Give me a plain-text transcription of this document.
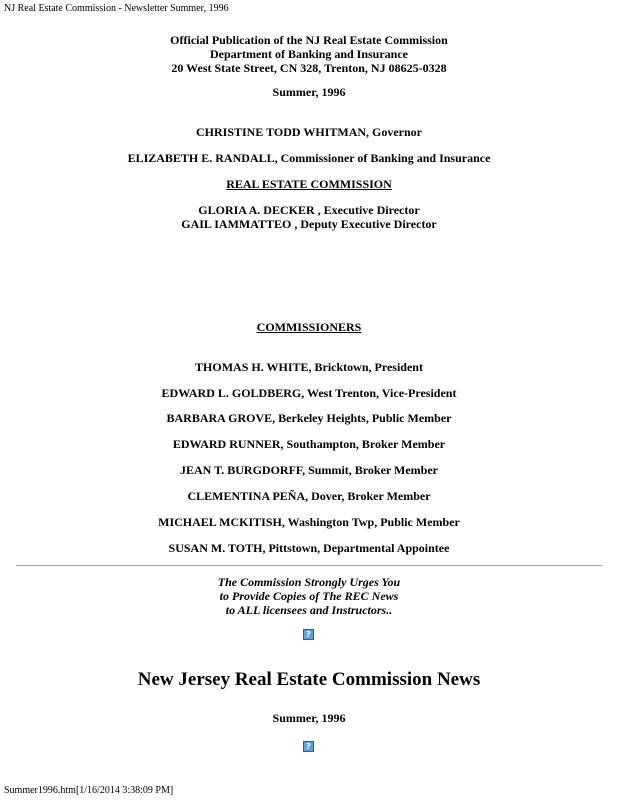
NJ Real Estate Commission - Newsletter Summer, 1996
Official Publication of the NJ Real Estate Commission
Department of Banking and Insurance
20 West State Street, CN 328, Trenton, NJ 08625-0328
Summer, 1996
CHRISTINE TODD WHITMAN, Governor
ELIZABETH E. RANDALL, Commissioner of Banking and Insurance
REAL ESTATE COMMISSION
GLORIA A. DECKER , Executive Director
GAIL IAMMATTEO , Deputy Executive Director
COMMISSIONERS
THOMAS H. WHITE, Bricktown, President
EDWARD L. GOLDBERG, West Trenton, Vice-President
BARBARA GROVE, Berkeley Heights, Public Member
EDWARD RUNNER, Southampton, Broker Member
JEAN T. BURGDORFF, Summit, Broker Member
CLEMENTINA PEÑA, Dover, Broker Member
MICHAEL MCKITISH, Washington Twp, Public Member
SUSAN M. TOTH, Pittstown, Departmental Appointee
The Commission Strongly Urges You
to Provide Copies of The REC News
to ALL licensees and Instructors..
?
New Jersey Real Estate Commission News
Summer, 1996
?
Summer1996.htm[1/16/2014 3:38:09 PM]
